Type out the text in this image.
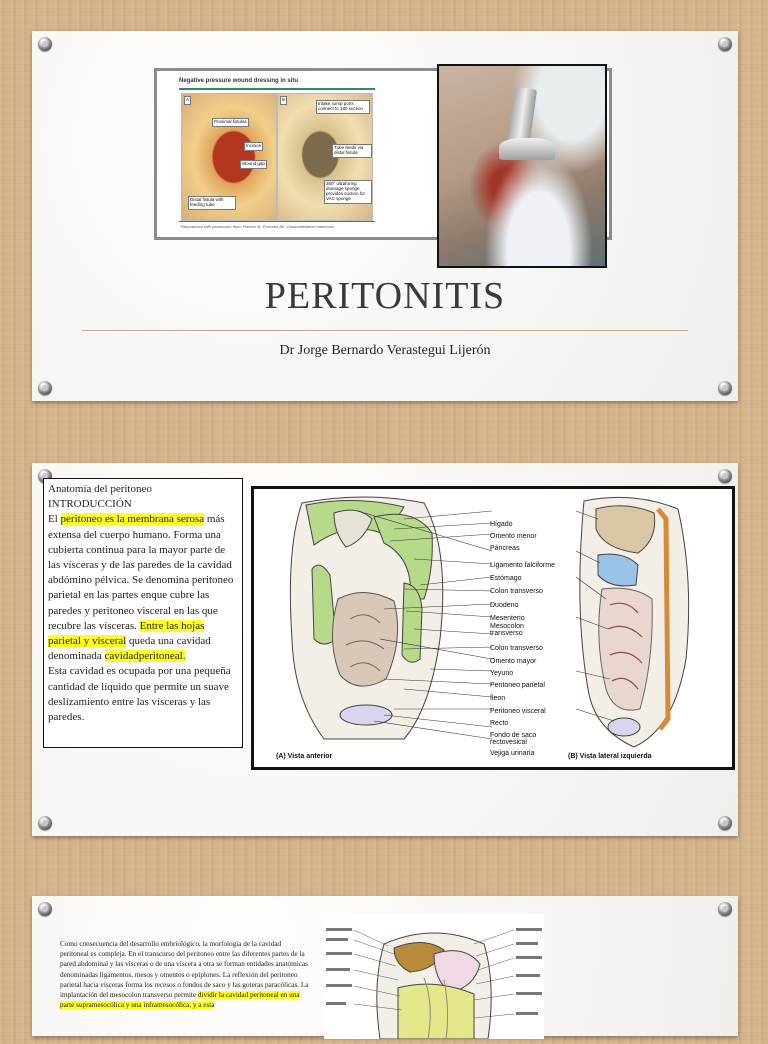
Negative pressure wound dressing in situ
A
Proximal fistulas
Incision
Wound gap
Distal fistula with feeding tube
B
Intake sump ports connect to 180 suction
Tube feeds via distal fistula
360° ultraforing drainage sponge provides suction for VAC sponge
Reproduced with permission from: Fischer M, Evensen AE. Gastrointestinal cutaneous
PERITONITIS
Dr Jorge Bernardo Verastegui Lijerón

Anatomía del peritoneo

INTRODUCCIÓN

El peritoneo es la membrana serosa más extensa del cuerpo humano. Forma una cubierta continua para la mayor parte de las vísceras y de las paredes de la cavidad abdómino pélvica. Se denomina peritoneo parietal en las partes enque cubre las paredes y peritoneo visceral en las que recubre las vísceras. Entre las hojas parietal y visceral queda una cavidad denominada cavidadperitoneal.

Esta cavidad es ocupada por una pequeña cantidad de líquido que permite un suave deslizamiento entre las vísceras y las paredes.

Hígado
Omento menor
Páncreas
Ligamento falciforme
Estómago
Colon transverso
Duodeno
Mesenterio
Mesocolon
transverso
Colon transverso
Omento mayor
Yeyuno
Peritoneo parietal
Íleon
Peritoneo visceral
Recto
Fondo de saco
rectovesical
Vejiga urinaria
(A) Vista anterior	(B) Vista lateral izquierda
Como consecuencia del desarrollo embriológico, la morfología de la cavidad peritoneal es compleja. En el transcurso del peritoneo entre las diferentes partes de la pared abdominal y las vísceras o de una víscera a otra se forman entidades anatómicas denominadas ligamentos, mesos y omentos o epiplones. La reflexión del peritoneo parietal hacia vísceras forma los recesos o fondos de saco y las goteras paracólicas. La implantación del mesocolon transverso permite dividir la cavidad peritoneal en una parte supramesocólica y una inframesocólica, y a esta
